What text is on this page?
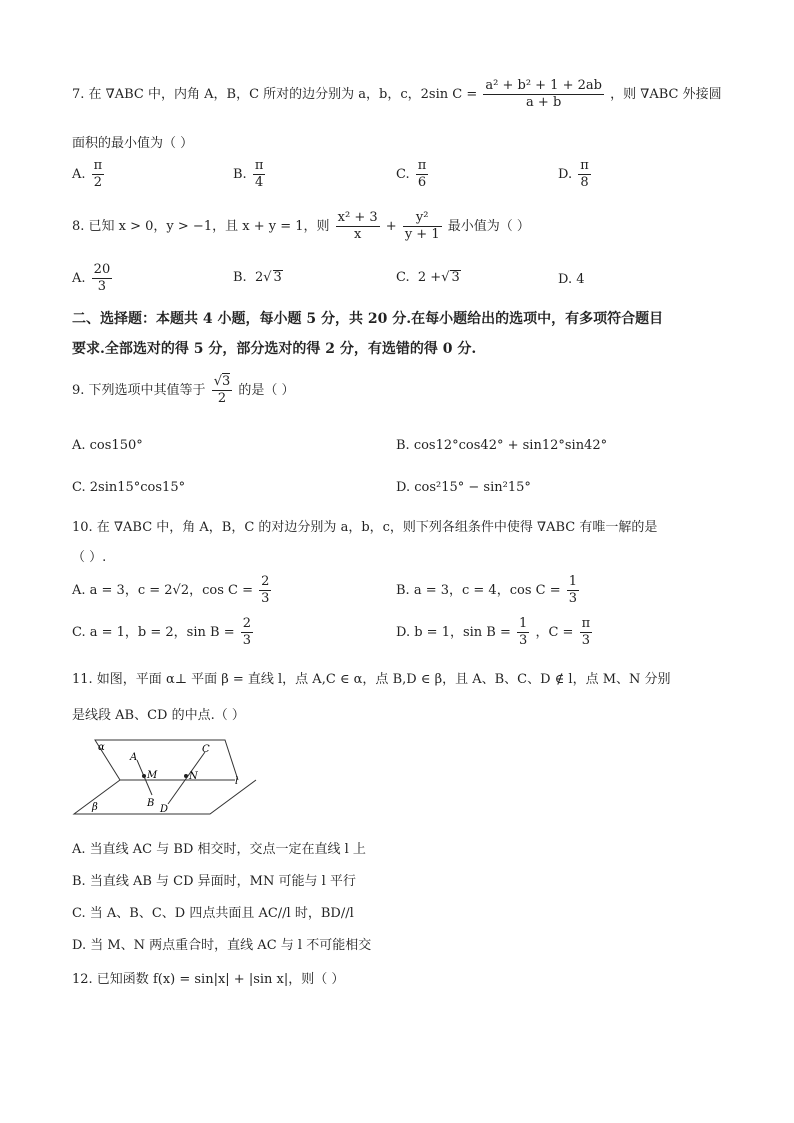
7. 在 ∇ABC 中，内角 A，B，C 所对的边分别为 a，b，c，2sin $C = \frac{\text{a² + b² + 1 + 2ab}}{a + b}$ ，则 ∇ABC 外接圆
面积的最小值为（ ）
A. $\frac{\pi}{2}$	B. $\frac{\pi}{4}$	C. $\frac{\pi}{6}$	D. $\frac{\pi}{8}$
8. 已知 x > 0，y > −1，且 x + y = 1，则 $\frac{\text{x² + 3}}{x} + \frac{\text{y²}}{y + 1}$ 最小值为（ ）
A. $\frac{20}{3}$	B. 2√ 3	C. 2 +√ 3	D. 4
二、选择题：本题共 4 小题，每小题 5 分，共 20 分.在每小题给出的选项中，有多项符合题目
要求.全部选对的得 5 分，部分选对的得 2 分，有选错的得 0 分.
9. 下列选项中其值等于 $\frac{√3}{2}$ 的是（ ）
A. cos150°	B. cos12°cos42° + sin12°sin42°
C. 2sin15°cos15°	D. cos²15° − sin²15°
10. 在 ∇ABC 中，角 A，B，C 的对边分别为 a，b，c，则下列各组条件中使得 ∇ABC 有唯一解的是
（ ）.
A. a = 3，c = 2√2，$\cos C = \frac{2}{3}$	B. a = 3，c = 4，$\cos C = \frac{1}{3}$
C. a = 1，b = 2，$\sin B = \frac{2}{3}$	D. b = 1，$\sin B = \frac{1}{3}$ ，$C = \frac{\pi}{3}$
11. 如图，平面 α⊥ 平面 β = 直线 l，点 A,C ∈ α，点 B,D ∈ β，且 A、B、C、D ∉ l，点 M、N 分别
是线段 AB、CD 的中点.（ ）
α
β
A
B
C
D
M	N	l
A. 当直线 AC 与 BD 相交时，交点一定在直线 l 上
B. 当直线 AB 与 CD 异面时，MN 可能与 l 平行
C. 当 A、B、C、D 四点共面且 AC//l 时，BD//l
D. 当 M、N 两点重合时，直线 AC 与 l 不可能相交
12. 已知函数 f(x) = sin|x| + |sin x|，则（ ）
